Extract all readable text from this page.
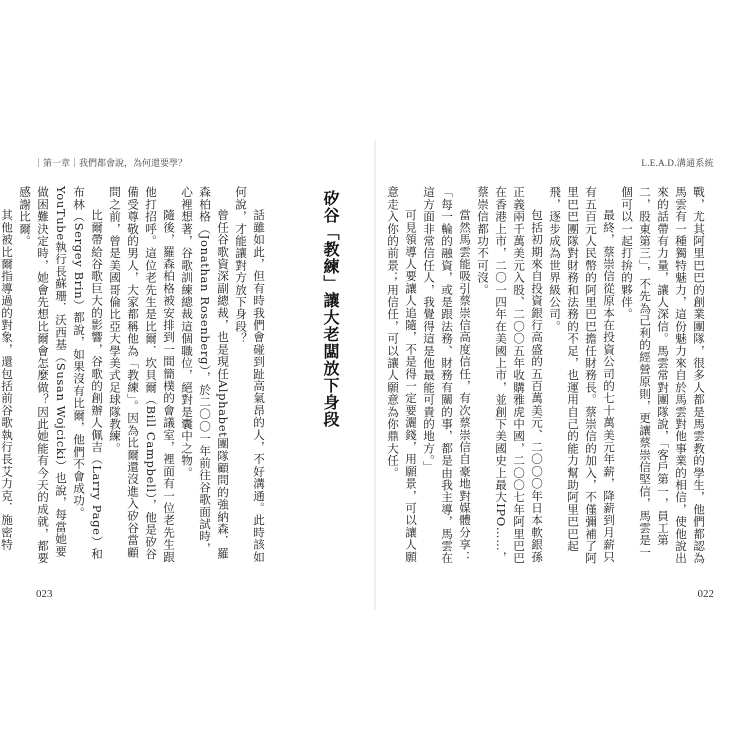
｜第一章｜我們都會說，為何還要學？
矽谷「教練」讓大老闆放下身段

話雖如此，但有時我們會碰到趾高氣昂的人，不好溝通。此時該如何說，才能讓對方放下身段？

曾任谷歌資深副總裁，也是現任Alphabet團隊顧問的強納森．羅森柏格（Jonathan Rosenberg），於二〇〇一年前往谷歌面試時，心裡想著，谷歌訓練總裁這個職位，絕對是囊中之物。

隨後，羅森柏格被安排到一間簡樸的會議室，裡面有一位老先生跟他打招呼。這位老先生是比爾．坎貝爾（Bill Campbell），他是矽谷備受尊敬的男人，大家都稱他為「教練」。因為比爾還沒進入矽谷當顧問之前，曾是美國哥倫比亞大學美式足球隊教練。

比爾帶給谷歌巨大的影響，谷歌的創辦人佩吉（Larry Page）和布林（Sergey Brin）都說，如果沒有比爾，他們不會成功。YouTube執行長蘇珊．沃西基（Susan Wojcicki）也說，每當她要做困難決定時，她會先想比爾會怎麼做？因此她能有今天的成就，都要感謝比爾。

其他被比爾指導過的對象，還包括前谷歌執行長艾力克．施密特

023
L.E.A.D.溝通系統

戰，尤其阿里巴巴的創業團隊，很多人都是馬雲教的學生，他們都認為馬雲有一種獨特魅力，這份魅力來自於馬雲對他事業的相信，使他說出來的話帶有力量，讓人深信。馬雲常對團隊說，「客戶第一，員工第二，股東第三」，不先為己利的經營原則，更讓蔡崇信堅信，馬雲是一個可以一起打拚的夥伴。

最終，蔡崇信從原本在投資公司的七十萬美元年薪，降薪到月薪只有五百元人民幣的阿里巴巴擔任財務長。蔡崇信的加入，不僅彌補了阿里巴巴團隊對財務和法務的不足，也運用自己的能力幫助阿里巴巴起飛，逐步成為世界級公司。

包括初期來自投資銀行高盛的五百萬美元、二〇〇〇年日本軟銀孫正義兩千萬美元入股、二〇〇五年收購雅虎中國，二〇〇七年阿里巴巴在香港上市，二〇一四年在美國上市，並創下美國史上最大IPO……，蔡崇信都功不可沒。

當然馬雲能吸引蔡崇信高度信任，有次蔡崇信自豪地對媒體分享：「每一輪的融資，或是跟法務、財務有關的事，都是由我主導，馬雲在這方面非常信任人，我覺得這是他最能可貴的地方。」

可見領導人要讓人追隨，不是得一定要灑錢，用願景，可以讓人願意走入你的前景；用信任，可以讓人願意為你鼎大任。

022
